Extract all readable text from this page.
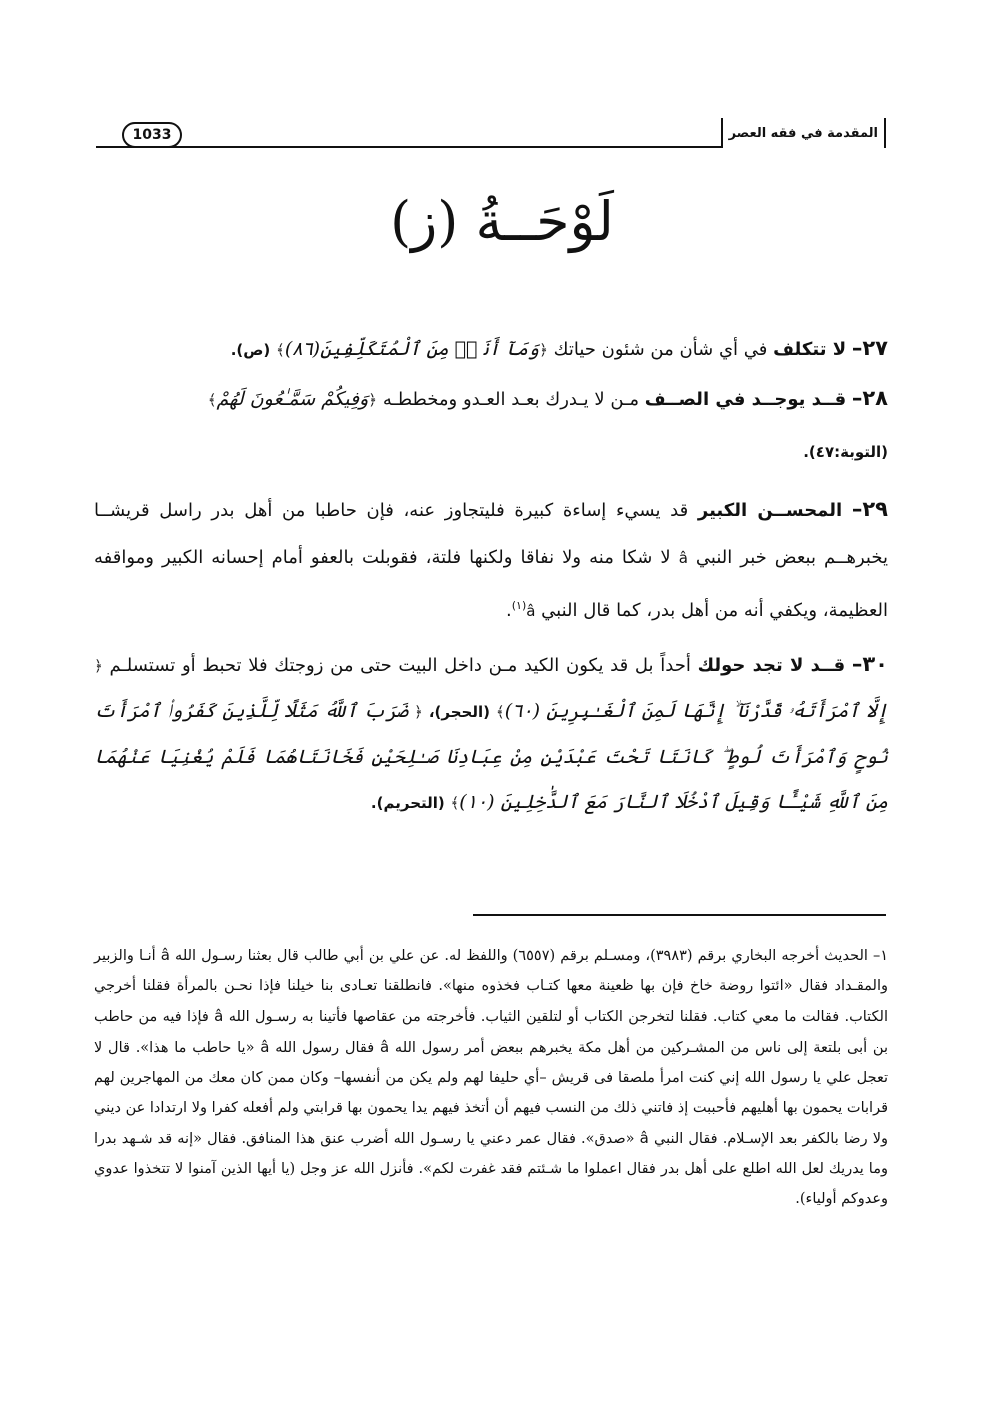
1033	المقدمة في فقه العصر
لَوْحَــةُ (ز)

٢٧– لا تتكلف في أي شأن من شئون حياتك ﴿وَمَآ أَنَا۠ مِنَ ٱلْمُتَكَلِّفِينَ(٨٦)﴾ (ص).

٢٨– قــد يوجــد في الصــف مـن لا يـدرك بعـد العـدو ومخططـه ﴿وَفِيكُمْ سَمَّـٰعُونَ لَهُمْ﴾

(التوبة:٤٧).

٢٩– المحســن الكبير قد يسيء إساءة كبيرة فليتجاوز عنه، فإن حاطبا من أهل بدر راسل قريشــا يخبرهــم ببعض خبر النبي â لا شكا منه ولا نفاقا ولكنها فلتة، فقوبلت بالعفو أمام إحسانه الكبير ومواقفه العظيمة، ويكفي أنه من أهل بدر، كما قال النبي â$^{(١)}$.

٣٠– قــد لا تجد حولك أحداً بل قد يكون الكيد مـن داخل البيت حتى من زوجتك فلا تحبط أو تستسلـم ﴿ إِلَّا ٱمْرَأَتَهُۥ قَدَّرْنَآ ۙ إِنَّهَا لَمِنَ ٱلْغَـٰبِرِينَ (٦٠)﴾ (الحجر)، ﴿ ضَرَبَ ٱللَّهُ مَثَلًا لِّلَّذِينَ كَفَرُوا۟ ٱمْرَأَتَ نُوحٍ وَٱمْرَأَتَ لُوطٍ ۖ كَانَتَا تَحْتَ عَبْدَيْنِ مِنْ عِبَادِنَا صَـٰلِحَيْنِ فَخَانَتَاهُمَا فَلَمْ يُغْنِيَا عَنْهُمَا مِنَ ٱللَّهِ شَيْـًٔا وَقِيلَ ٱدْخُلَا ٱلنَّارَ مَعَ ٱلدَّٰخِلِينَ (١٠)﴾ (التحريم).

١– الحديث أخرجه البخاري برقم (٣٩٨٣)، ومسـلم برقم (٦٥٥٧) واللفظ له. عن علي بن أبي طالب قال بعثنا رسـول الله â أنـا والزبير والمقـداد فقال «ائتوا روضة خاخ فإن بها ظعينة معها كتـاب فخذوه منها». فانطلقنا تعـادى بنا خيلنا فإذا نحـن بالمرأة فقلنا أخرجي الكتاب. فقالت ما معي كتاب. فقلنا لتخرجن الكتاب أو لتلقين الثياب. فأخرجته من عقاصها فأتينا به رسـول الله â فإذا فيه من حاطب بن أبى بلتعة إلى ناس من المشـركين من أهل مكة يخبرهم ببعض أمر رسول الله â فقال رسول الله â «يا حاطب ما هذا». قال لا تعجل علي يا رسول الله إني كنت امرأ ملصقا فى قريش –أي حليفا لهم ولم يكن من أنفسها– وكان ممن كان معك من المهاجرين لهم قرابات يحمون بها أهليهم فأحببت إذ فاتني ذلك من النسب فيهم أن أتخذ فيهم يدا يحمون بها قرابتي ولم أفعله كفرا ولا ارتدادا عن ديني ولا رضا بالكفر بعد الإسـلام. فقال النبي â «صدق». فقال عمر دعني يا رسـول الله أضرب عنق هذا المنافق. فقال «إنه قد شـهد بدرا وما يدريك لعل الله اطلع على أهل بدر فقال اعملوا ما شـئتم فقد غفرت لكم». فأنزل الله عز وجل (يا أيها الذين آمنوا لا تتخذوا عدوي وعدوكم أولياء).
